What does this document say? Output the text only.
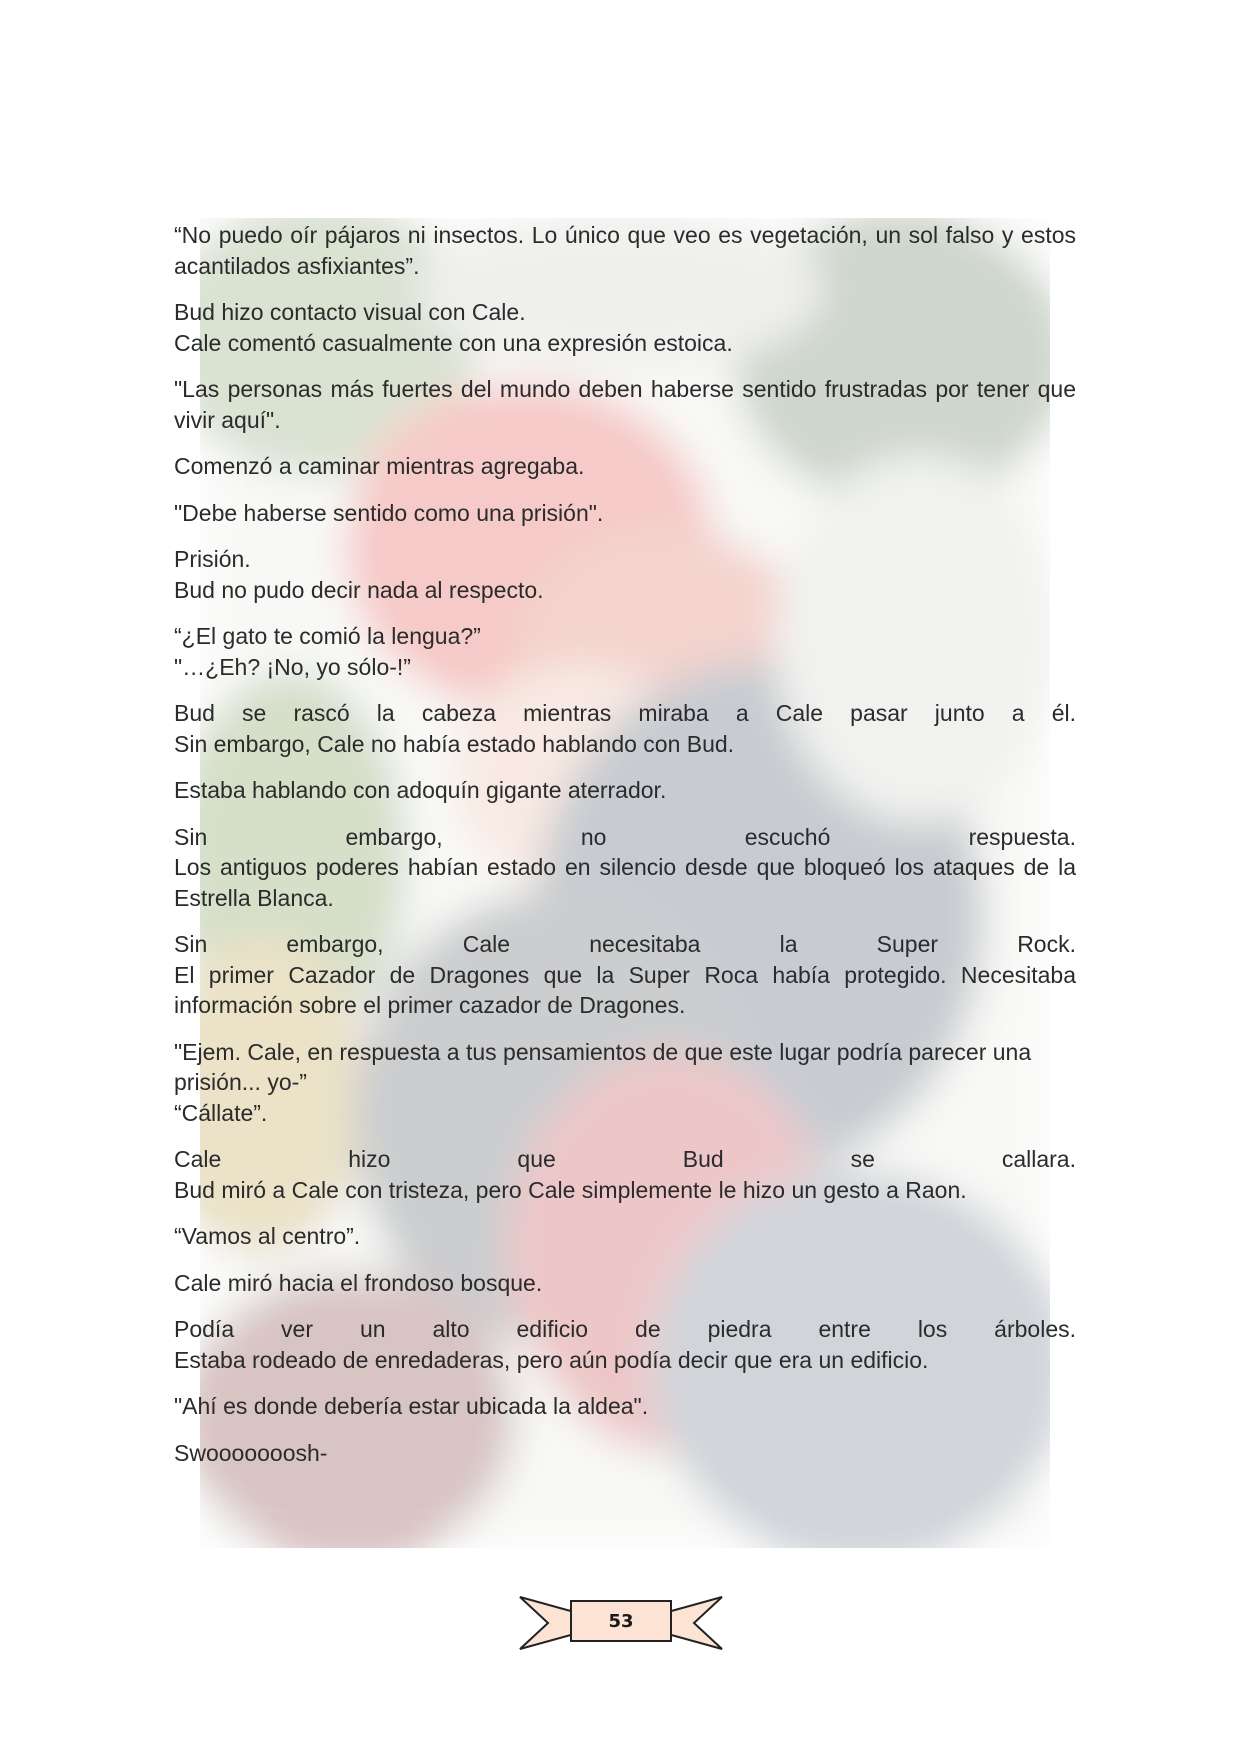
“No puedo oír pájaros ni insectos. Lo único que veo es vegetación, un sol falso y estos acantilados asfixiantes”.

Bud hizo contacto visual con Cale.
Cale comentó casualmente con una expresión estoica.

"Las personas más fuertes del mundo deben haberse sentido frustradas por tener que vivir aquí".

Comenzó a caminar mientras agregaba.

"Debe haberse sentido como una prisión".

Prisión.
Bud no pudo decir nada al respecto.

“¿El gato te comió la lengua?”
"…¿Eh? ¡No, yo sólo-!”

Bud se rascó la cabeza mientras miraba a Cale pasar junto a él.
Sin embargo, Cale no había estado hablando con Bud.

Estaba hablando con adoquín gigante aterrador.

Sin embargo, no escuchó respuesta.
Los antiguos poderes habían estado en silencio desde que bloqueó los ataques de la Estrella Blanca.

Sin embargo, Cale necesitaba la Super Rock.
El primer Cazador de Dragones que la Super Roca había protegido. Necesitaba información sobre el primer cazador de Dragones.

"Ejem. Cale, en respuesta a tus pensamientos de que este lugar podría parecer una prisión... yo-”
“Cállate”.

Cale hizo que Bud se callara.
Bud miró a Cale con tristeza, pero Cale simplemente le hizo un gesto a Raon.

“Vamos al centro”.

Cale miró hacia el frondoso bosque.

Podía ver un alto edificio de piedra entre los árboles.
Estaba rodeado de enredaderas, pero aún podía decir que era un edificio.

"Ahí es donde debería estar ubicada la aldea".

Swooooooosh-

53
